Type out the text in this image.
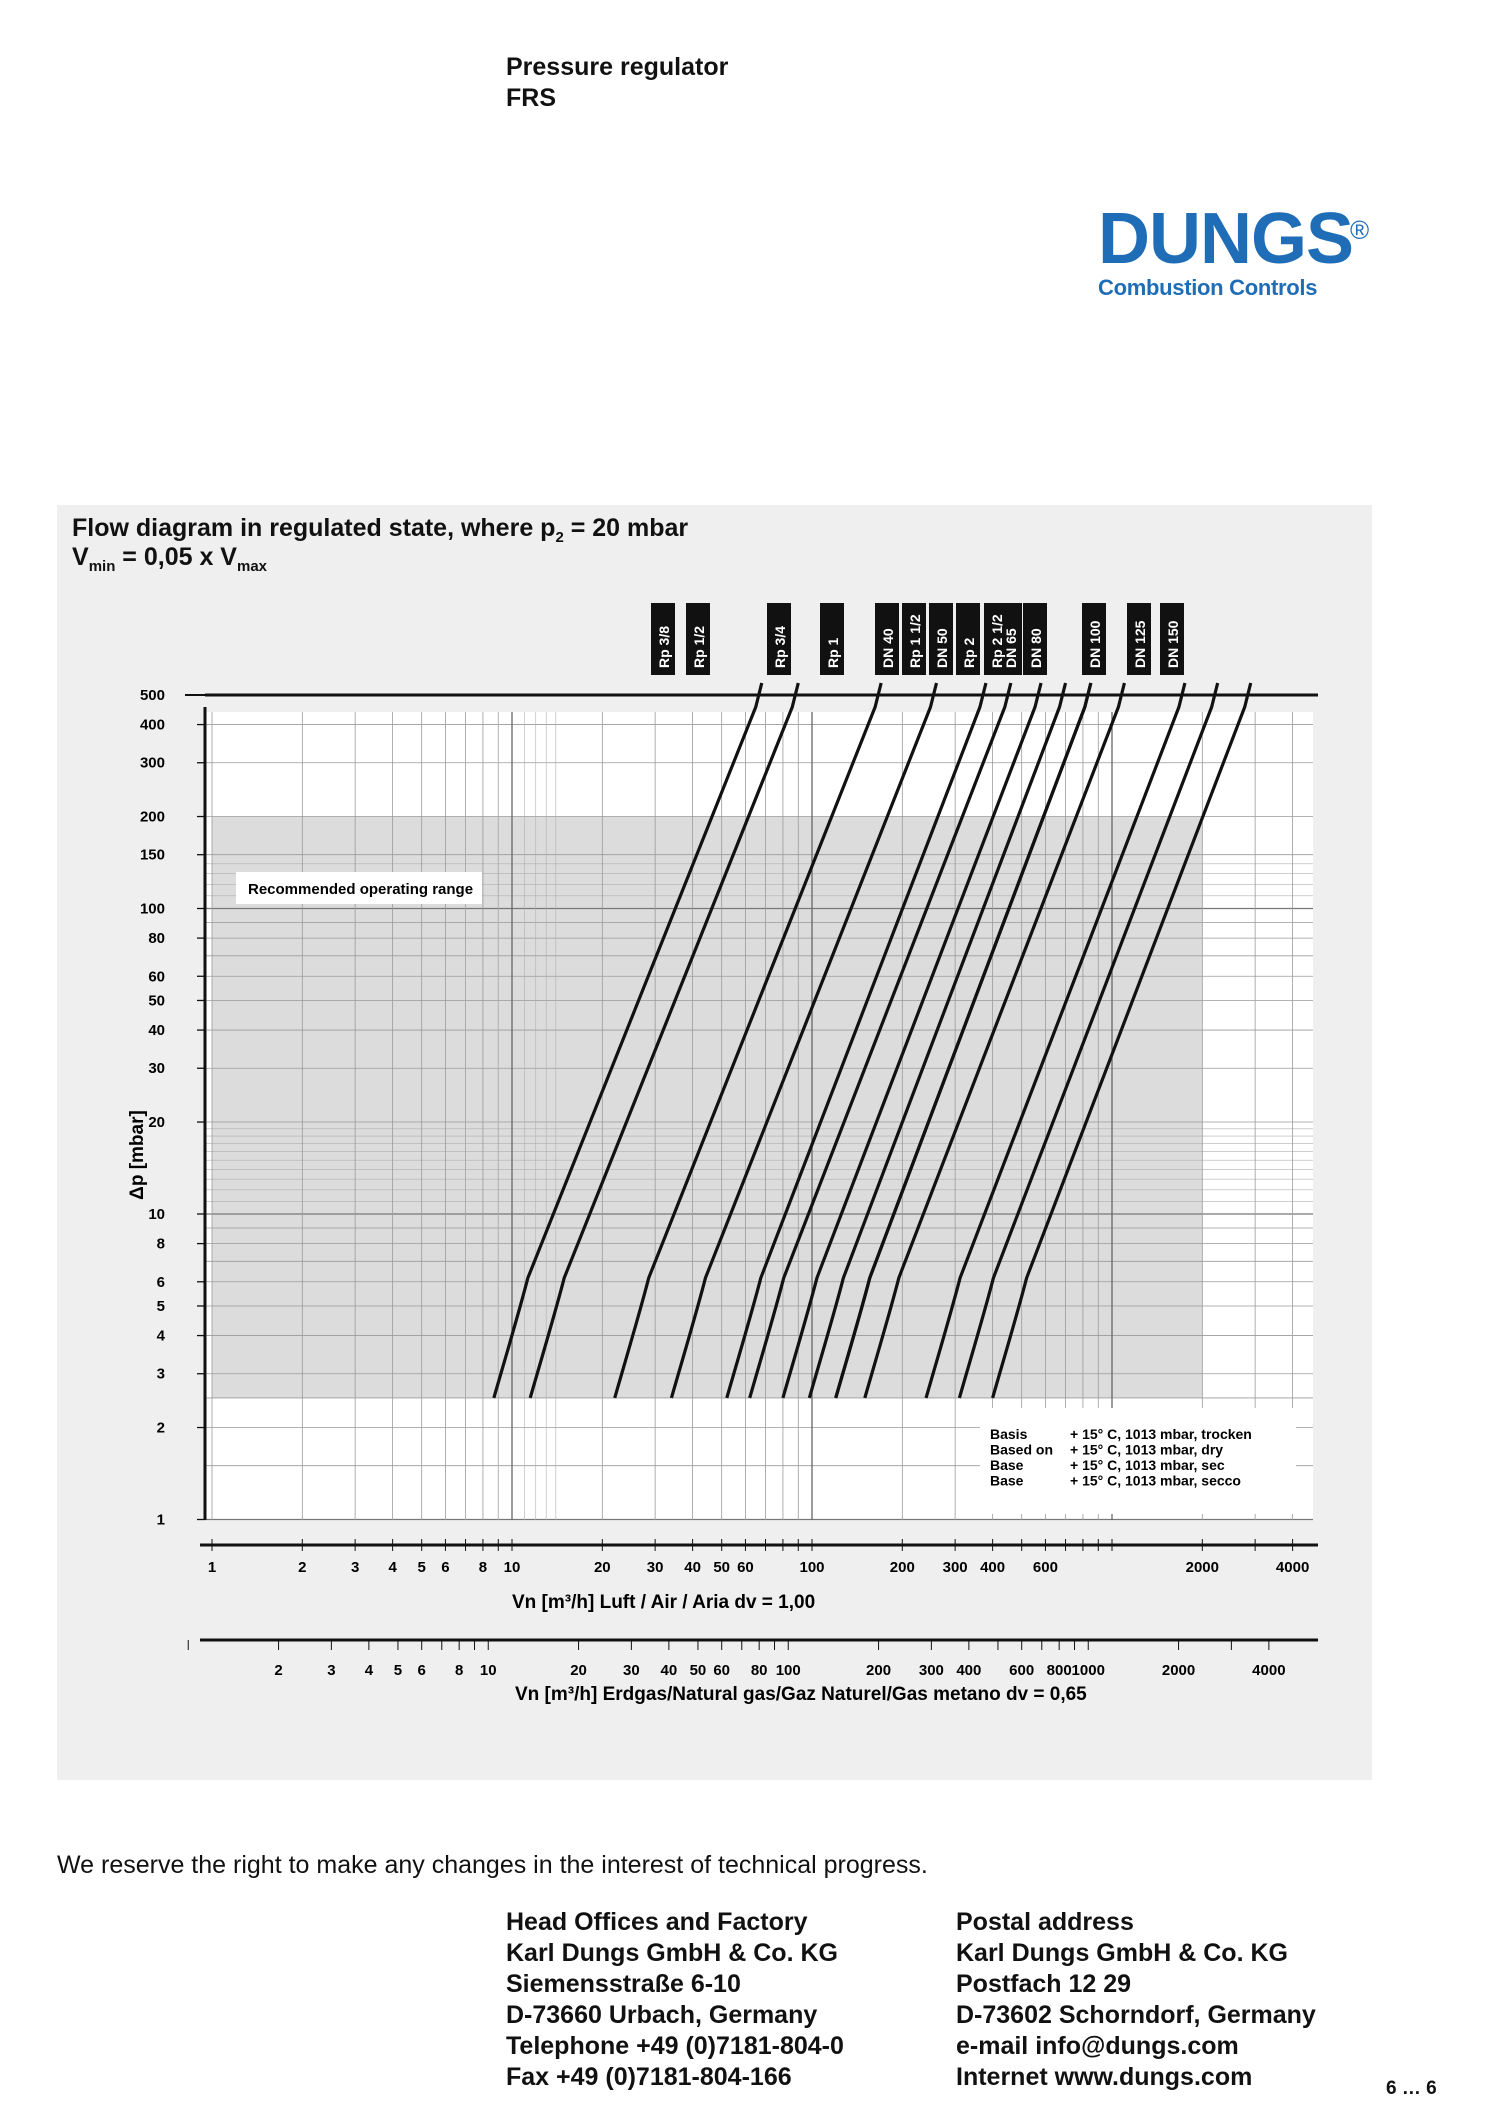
Pressure regulator
FRS
DUNGS
®
Combustion Controls
Flow diagram in regulated state, where $p_2 = 20$ mbar
$V_{min} = 0,05$ x $V_{max}$
1
2
3
4
5
6
8
10
20
30
40
50
60
80
100
150
200
300
400
500
Δp [mbar]
1	2	3 4 5 6 8 10	20 30 40 50 60	100	200 300 400 600	2000	4000
Vn [m³/h] Luft / Air / Aria dv = 1,00
2	3 4 5 6 8 10	20 30 40 50 60 80 100	200 300 400 600 800 1000	2000	4000
Vn [m³/h] Erdgas/Natural gas/Gaz Naturel/Gas metano dv = 0,65
Recommended operating range
Basis	+ 15° C, 1013 mbar, trocken
Based on + 15° C, 1013 mbar, dry
Base	+ 15° C, 1013 mbar, sec
Base	+ 15° C, 1013 mbar, secco
Rp 3/8 Rp 1/2	Rp 3/4	Rp 1	DN 40 Rp 1 1/2 DN 50 Rp 2 Rp 2 1/2
DN 65 DN 80	DN 100 DN 125 DN 150
We reserve the right to make any changes in the interest of technical progress.
Head Offices and Factory
Karl Dungs GmbH & Co. KG
Siemensstraße 6-10
D-73660 Urbach, Germany
Telephone +49 (0)7181-804-0
Fax +49 (0)7181-804-166
Postal address
Karl Dungs GmbH & Co. KG
Postfach 12 29
D-73602 Schorndorf, Germany
e-mail info@dungs.com
Internet www.dungs.com	6 … 6
